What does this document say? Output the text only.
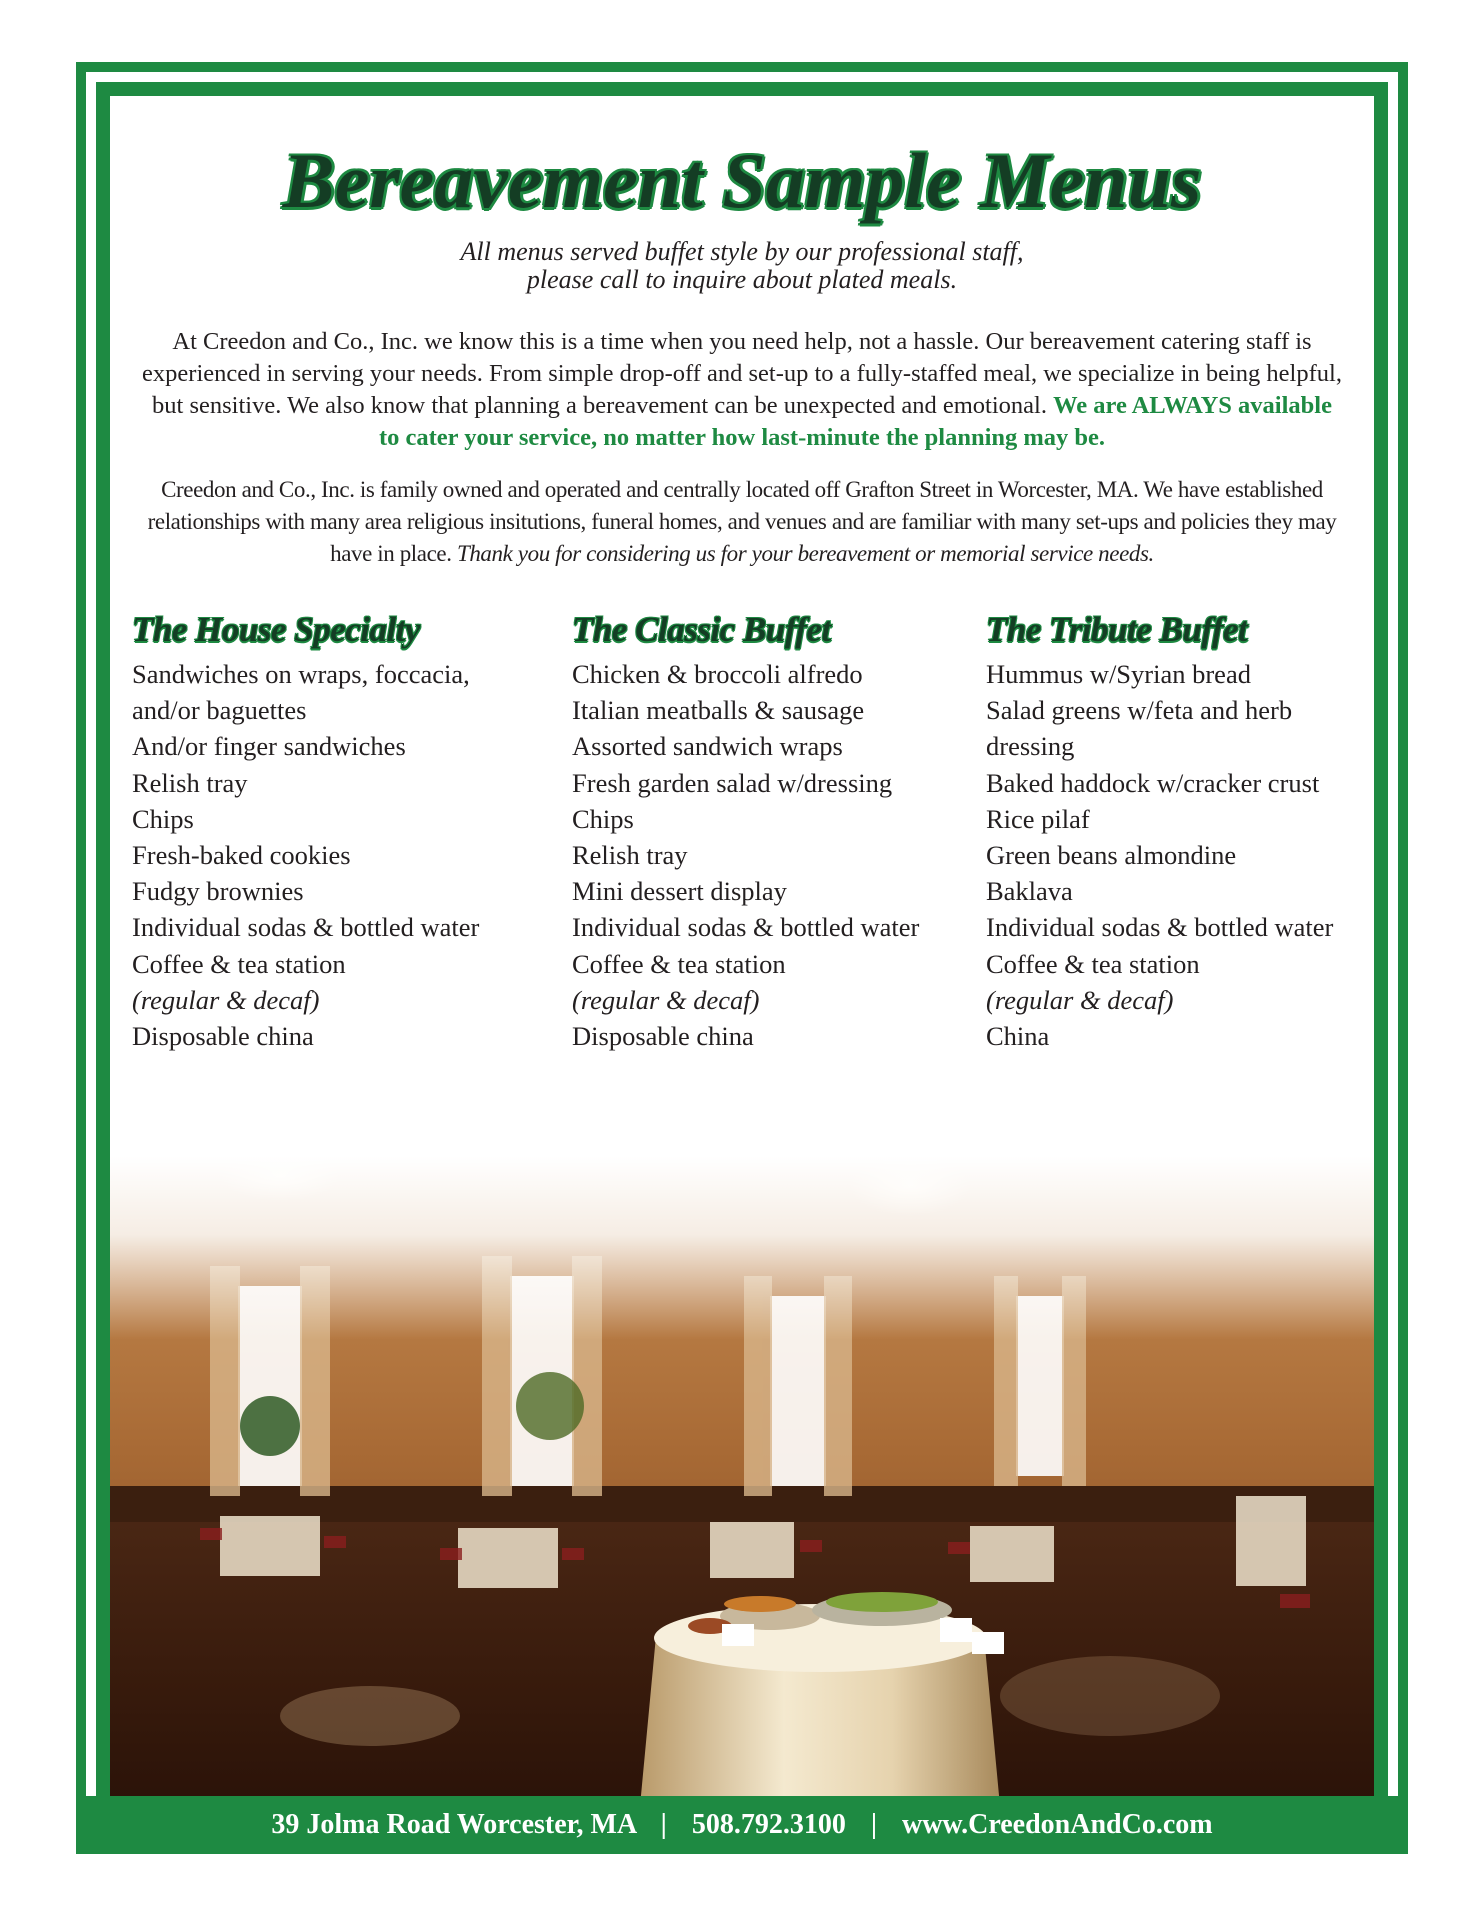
Bereavement Sample Menus
All menus served buffet style by our professional staff,
please call to inquire about plated meals.
At Creedon and Co., Inc. we know this is a time when you need help, not a hassle. Our bereavement catering staff is experienced in serving your needs. From simple drop-off and set-up to a fully-staffed meal, we specialize in being helpful, but sensitive. We also know that planning a bereavement can be unexpected and emotional. We are ALWAYS available to cater your service, no matter how last-minute the planning may be.
Creedon and Co., Inc. is family owned and operated and centrally located off Grafton Street in Worcester, MA. We have established relationships with many area religious insitutions, funeral homes, and venues and are familiar with many set-ups and policies they may have in place. Thank you for considering us for your bereavement or memorial service needs.
The House Specialty
Sandwiches on wraps, foccacia,
and/or baguettes
And/or finger sandwiches
Relish tray
Chips
Fresh-baked cookies
Fudgy brownies
Individual sodas & bottled water
Coffee & tea station
(regular & decaf)
Disposable china
The Classic Buffet
Chicken & broccoli alfredo
Italian meatballs & sausage
Assorted sandwich wraps
Fresh garden salad w/dressing
Chips
Relish tray
Mini dessert display
Individual sodas & bottled water
Coffee & tea station
(regular & decaf)
Disposable china
The Tribute Buffet
Hummus w/Syrian bread
Salad greens w/feta and herb
dressing
Baked haddock w/cracker crust
Rice pilaf
Green beans almondine
Baklava
Individual sodas & bottled water
Coffee & tea station
(regular & decaf)
China
39 Jolma Road Worcester, MA | 508.792.3100 | www.CreedonAndCo.com
